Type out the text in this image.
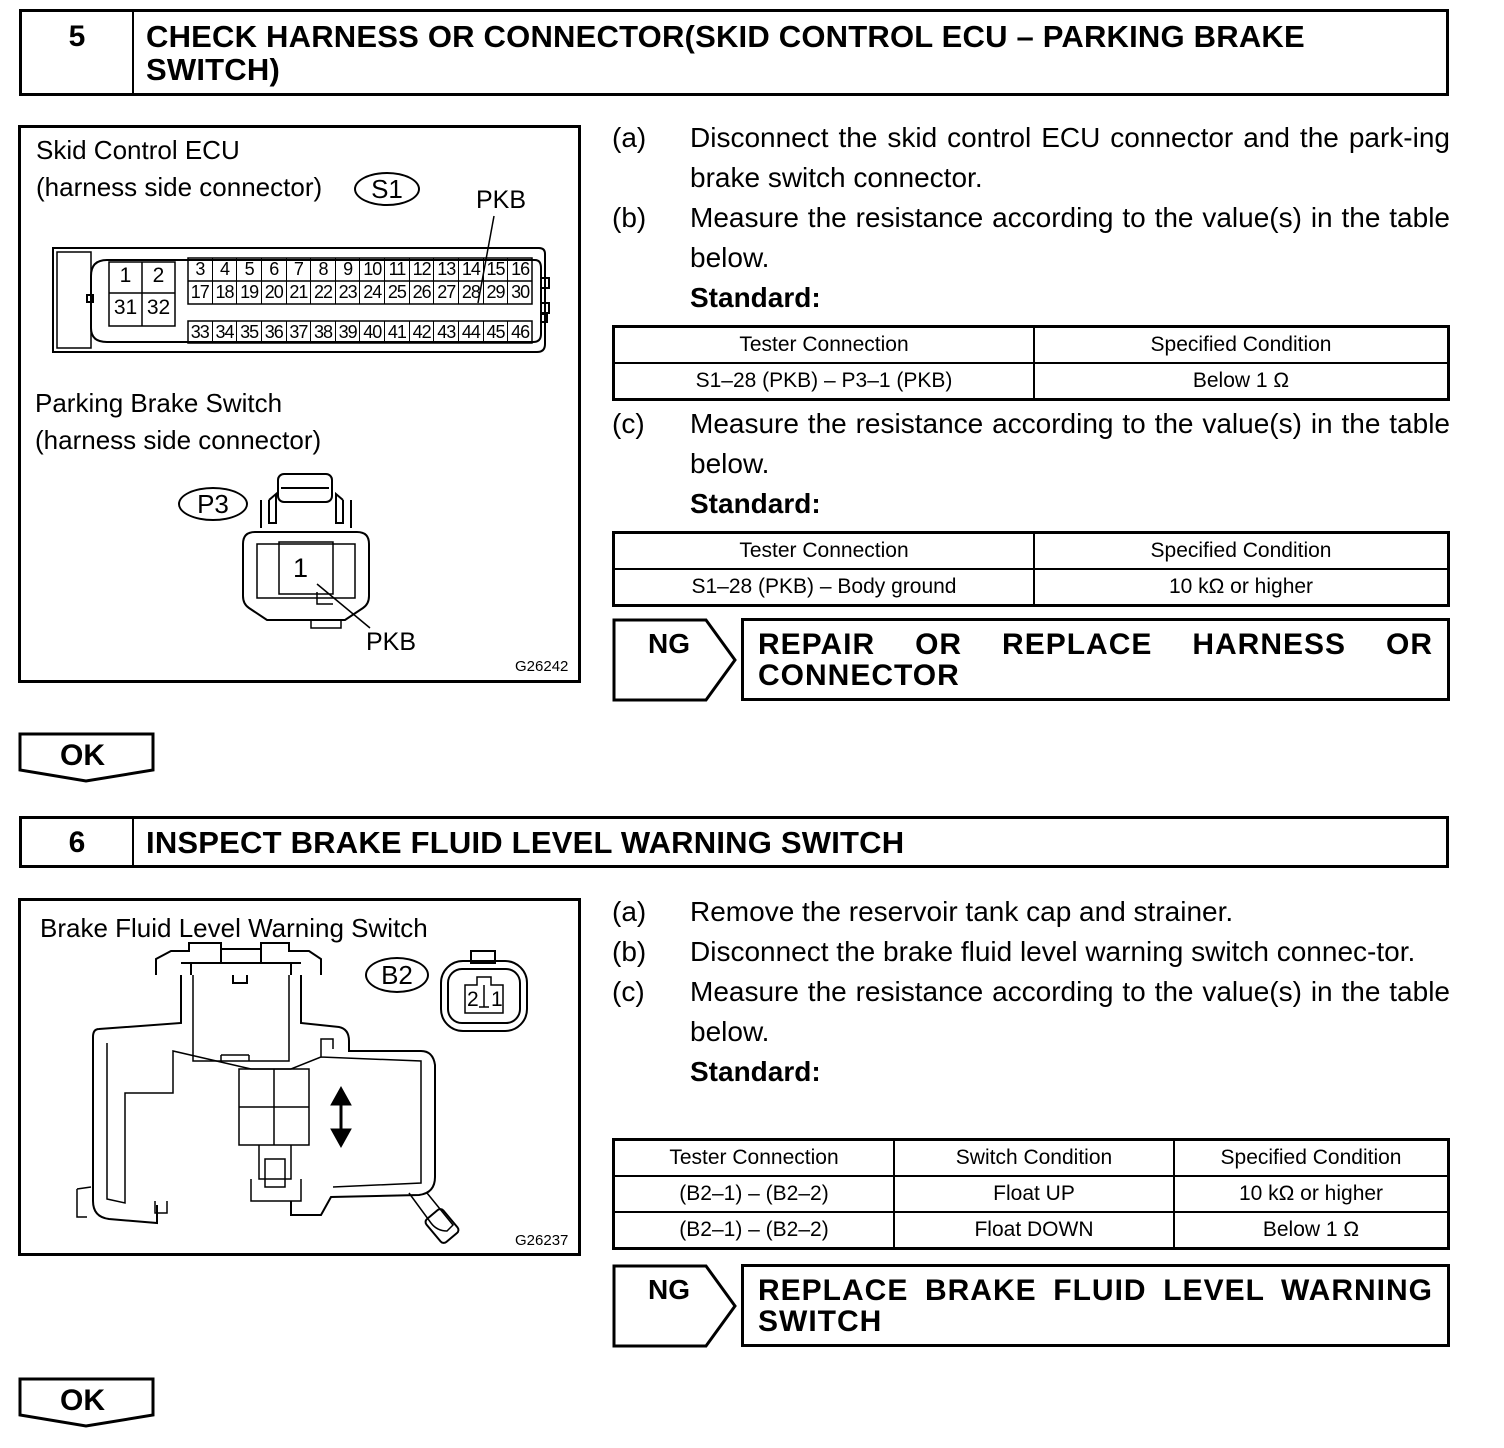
5	CHECK HARNESS OR CONNECTOR(SKID CONTROL ECU – PARKING BRAKE SWITCH)
Skid Control ECU
(harness side connector)	S1	PKB
1	2
31 32
3 4 5 6 7 8 9 10 11 12 13 14 15 16
17 18 19 20 21 22 23 24 25 26 27 28 29 30
33 34 35 36 37 38 39 40 41 42 43 44 45 46
Parking Brake Switch
(harness side connector)
P3
1
PKB
G26242
(a)	Disconnect the skid control ECU connector and the park-ing brake switch connector.
(b)	Measure the resistance according to the value(s) in the table below.
Standard:
Tester Connection	Specified Condition
S1–28 (PKB) – P3–1 (PKB)	Below 1 Ω
(c)	Measure the resistance according to the value(s) in the table below.
Standard:
Tester Connection	Specified Condition
S1–28 (PKB) – Body ground	10 kΩ or higher
NG	REPAIR OR REPLACE HARNESS OR CONNECTOR
OK
6	INSPECT BRAKE FLUID LEVEL WARNING SWITCH
Brake Fluid Level Warning Switch
B2
2 1
G26237
(a)	Remove the reservoir tank cap and strainer.
(b)	Disconnect the brake fluid level warning switch connec-tor.
(c)	Measure the resistance according to the value(s) in the table below.
Standard:
Tester Connection	Switch Condition	Specified Condition
(B2–1) – (B2–2)	Float UP	10 kΩ or higher
(B2–1) – (B2–2)	Float DOWN	Below 1 Ω
NG	REPLACE BRAKE FLUID LEVEL WARNING SWITCH
OK
